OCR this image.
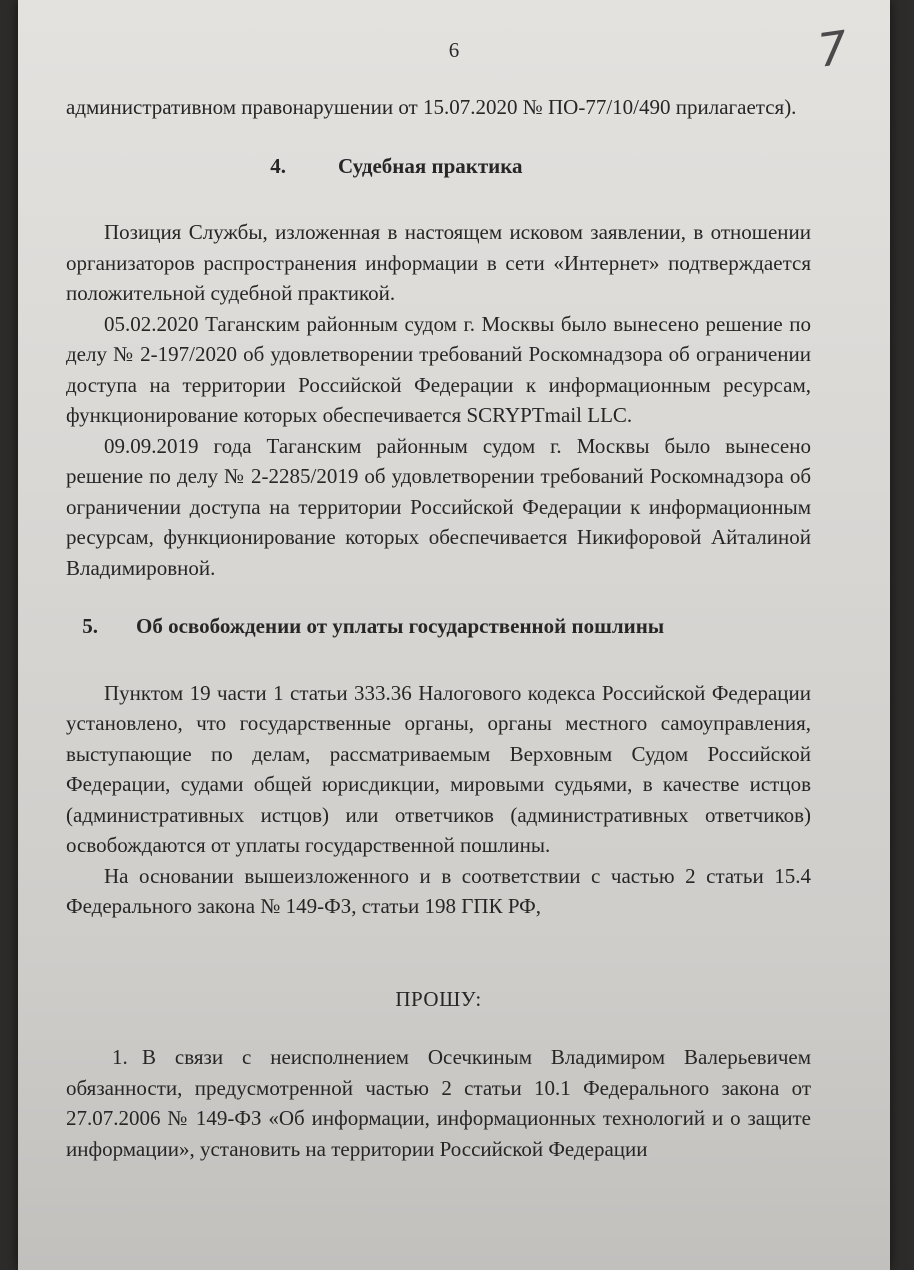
6	7

административном правонарушении от 15.07.2020 № ПО-77/10/490 прилагается).

4.	Судебная практика

Позиция Службы, изложенная в настоящем исковом заявлении, в отношении организаторов распространения информации в сети «Интернет» подтверждается положительной судебной практикой.

05.02.2020 Таганским районным судом г. Москвы было вынесено решение по делу № 2-197/2020 об удовлетворении требований Роскомнадзора об ограничении доступа на территории Российской Федерации к информационным ресурсам, функционирование которых обеспечивается SCRYPTmail LLC.

09.09.2019 года Таганским районным судом г. Москвы было вынесено решение по делу № 2-2285/2019 об удовлетворении требований Роскомнадзора об ограничении доступа на территории Российской Федерации к информационным ресурсам, функционирование которых обеспечивается Никифоровой Айталиной Владимировной.

5.	Об освобождении от уплаты государственной пошлины

Пунктом 19 части 1 статьи 333.36 Налогового кодекса Российской Федерации установлено, что государственные органы, органы местного самоуправления, выступающие по делам, рассматриваемым Верховным Судом Российской Федерации, судами общей юрисдикции, мировыми судьями, в качестве истцов (административных истцов) или ответчиков (административных ответчиков) освобождаются от уплаты государственной пошлины.

На основании вышеизложенного и в соответствии с частью 2 статьи 15.4 Федерального закона № 149-ФЗ, статьи 198 ГПК РФ,

ПРОШУ:

1. В связи с неисполнением Осечкиным Владимиром Валерьевичем обязанности, предусмотренной частью 2 статьи 10.1 Федерального закона от 27.07.2006 № 149-ФЗ «Об информации, информационных технологий и о защите информации», установить на территории Российской Федерации
